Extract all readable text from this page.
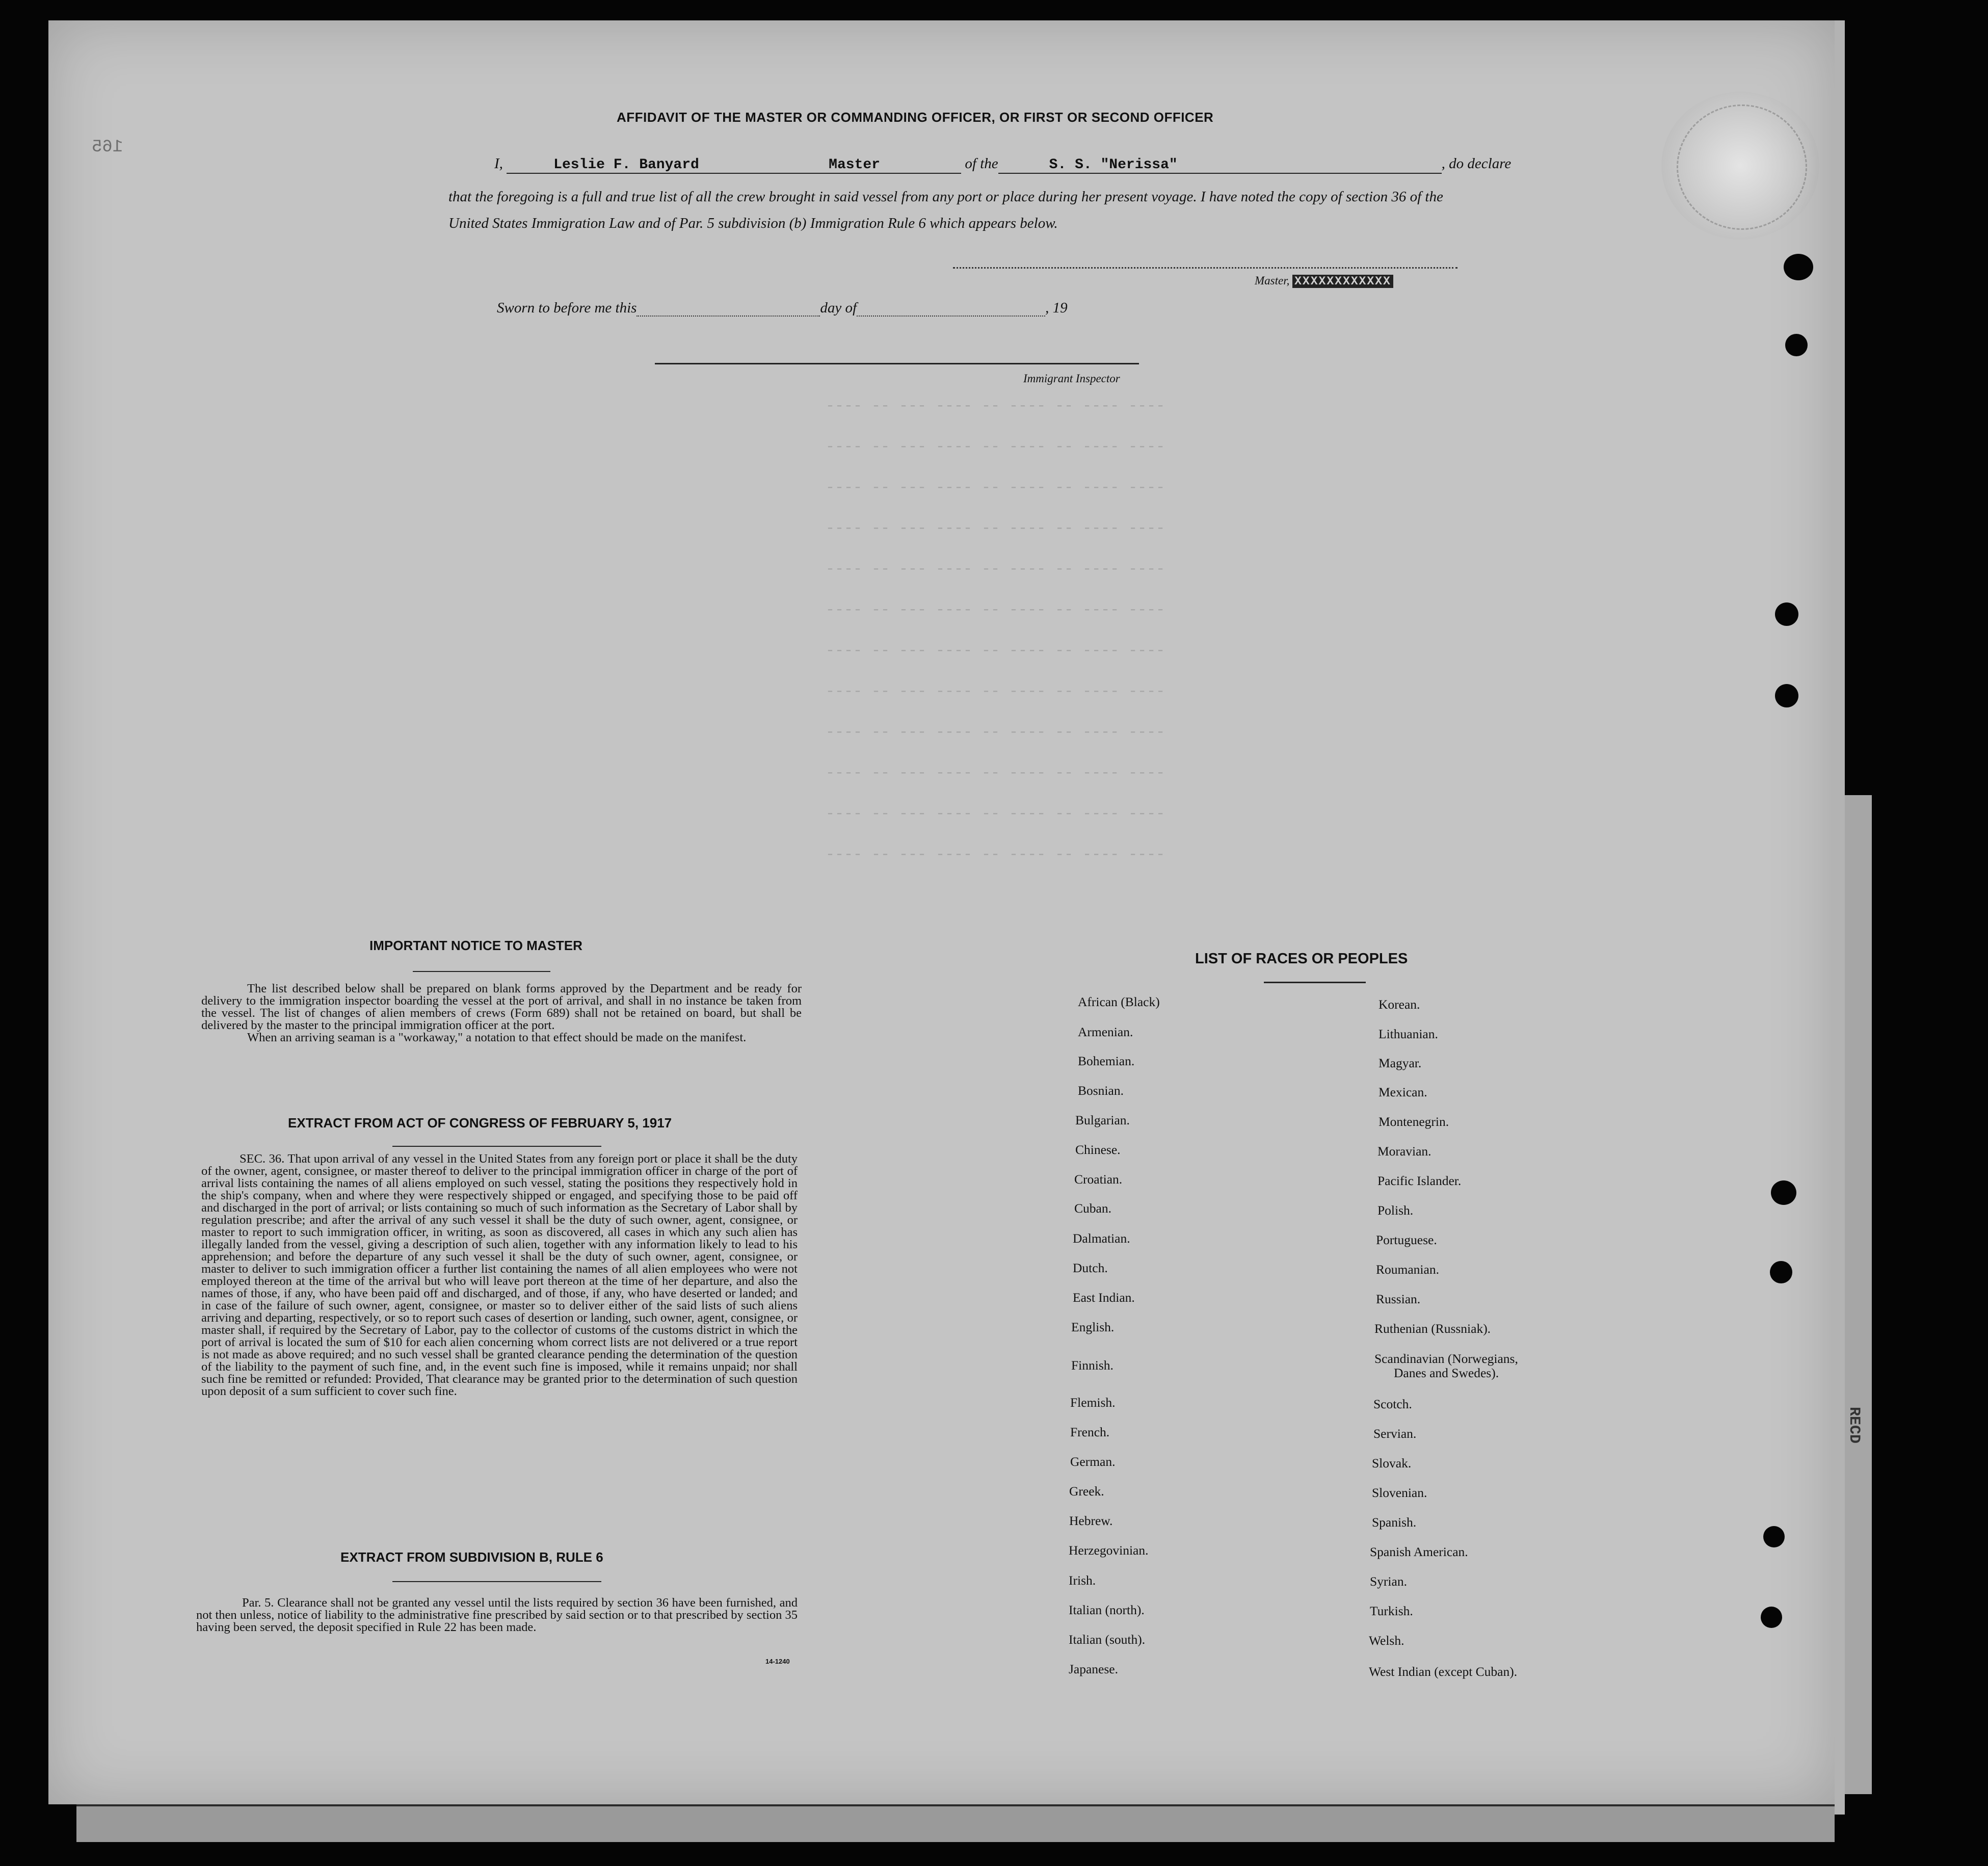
---- -- --- ---- -- ---- -- ---- ----
---- -- --- ---- -- ---- -- ---- ----
---- -- --- ---- -- ---- -- ---- ----
---- -- --- ---- -- ---- -- ---- ----
---- -- --- ---- -- ---- -- ---- ----
---- -- --- ---- -- ---- -- ---- ----
---- -- --- ---- -- ---- -- ---- ----
---- -- --- ---- -- ---- -- ---- ----
---- -- --- ---- -- ---- -- ---- ----
---- -- --- ---- -- ---- -- ---- ----
---- -- --- ---- -- ---- -- ---- ----
---- -- --- ---- -- ---- -- ---- ----
165
AFFIDAVIT OF THE MASTER OR COMMANDING OFFICER, OR FIRST OR SECOND OFFICER
I,	Leslie F. Banyard	Master	of the	S. S. "Nerissa"	, do declare
that the foregoing is a full and true list of all the crew brought in said vessel from any port or place during her present voyage. I have noted the copy of section 36 of the United States Immigration Law and of Par. 5 subdivision (b) Immigration Rule 6 which appears below.
Master, XXXXXXXXXXXX
Sworn to before me this	day of	, 19
Immigrant Inspector
IMPORTANT NOTICE TO MASTER

The list described below shall be prepared on blank forms approved by the Department and be ready for delivery to the immigration inspector boarding the vessel at the port of arrival, and shall in no instance be taken from the vessel. The list of changes of alien members of crews (Form 689) shall not be retained on board, but shall be delivered by the master to the principal immigration officer at the port.

When an arriving seaman is a "workaway," a notation to that effect should be made on the manifest.

EXTRACT FROM ACT OF CONGRESS OF FEBRUARY 5, 1917

SEC. 36. That upon arrival of any vessel in the United States from any foreign port or place it shall be the duty of the owner, agent, consignee, or master thereof to deliver to the principal immigration officer in charge of the port of arrival lists containing the names of all aliens employed on such vessel, stating the positions they respectively hold in the ship's company, when and where they were respectively shipped or engaged, and specifying those to be paid off and discharged in the port of arrival; or lists containing so much of such information as the Secretary of Labor shall by regulation prescribe; and after the arrival of any such vessel it shall be the duty of such owner, agent, consignee, or master to report to such immigration officer, in writing, as soon as discovered, all cases in which any such alien has illegally landed from the vessel, giving a description of such alien, together with any information likely to lead to his apprehension; and before the departure of any such vessel it shall be the duty of such owner, agent, consignee, or master to deliver to such immigration officer a further list containing the names of all alien employees who were not employed thereon at the time of the arrival but who will leave port thereon at the time of her departure, and also the names of those, if any, who have been paid off and discharged, and of those, if any, who have deserted or landed; and in case of the failure of such owner, agent, consignee, or master so to deliver either of the said lists of such aliens arriving and departing, respectively, or so to report such cases of desertion or landing, such owner, agent, consignee, or master shall, if required by the Secretary of Labor, pay to the collector of customs of the customs district in which the port of arrival is located the sum of $10 for each alien concerning whom correct lists are not delivered or a true report is not made as above required; and no such vessel shall be granted clearance pending the determination of the question of the liability to the payment of such fine, and, in the event such fine is imposed, while it remains unpaid; nor shall such fine be remitted or refunded: Provided, That clearance may be granted prior to the determination of such question upon deposit of a sum sufficient to cover such fine.

EXTRACT FROM SUBDIVISION B, RULE 6

Par. 5. Clearance shall not be granted any vessel until the lists required by section 36 have been furnished, and not then unless, notice of liability to the administrative fine prescribed by said section or to that prescribed by section 35 having been served, the deposit specified in Rule 22 has been made.

14-1240
LIST OF RACES OR PEOPLES
African (Black)
Armenian.
Bohemian.
Bosnian.
Bulgarian.
Chinese.
Croatian.
Cuban.
Dalmatian.
Dutch.
East Indian.
English.
Finnish.
Flemish.
French.
German.
Greek.
Hebrew.
Herzegovinian.
Irish.
Italian (north).
Italian (south).
Japanese.
Korean.
Lithuanian.
Magyar.
Mexican.
Montenegrin.
Moravian.
Pacific Islander.
Polish.
Portuguese.
Roumanian.
Russian.
Ruthenian (Russniak).
Scandinavian (Norwegians,
Danes and Swedes).
Scotch.
Servian.
Slovak.
Slovenian.
Spanish.
Spanish American.
Syrian.
Turkish.
Welsh.
West Indian (except Cuban).
RECD
